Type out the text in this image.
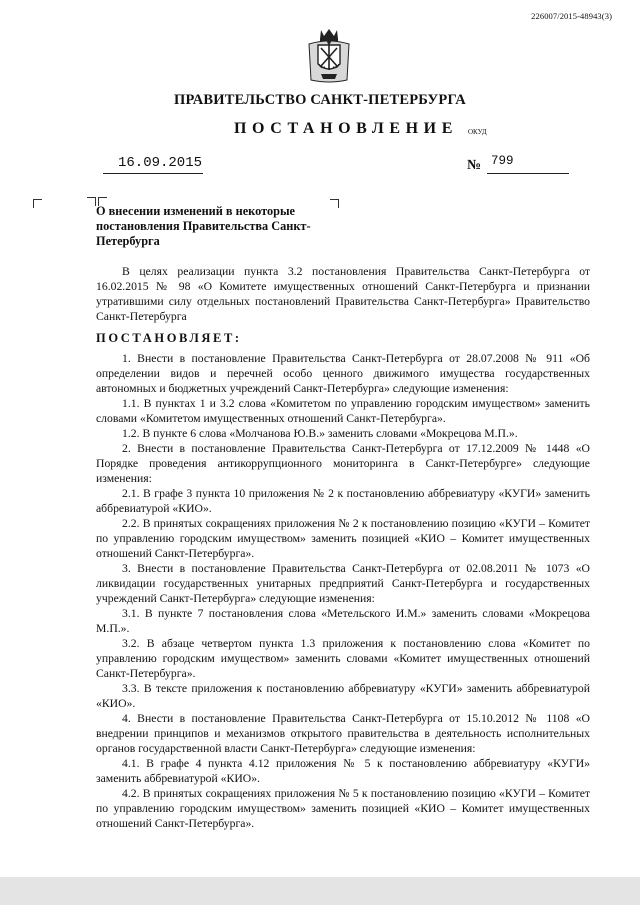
226007/2015-48943(3)
ПРАВИТЕЛЬСТВО САНКТ-ПЕТЕРБУРГА
ПОСТАНОВЛЕНИЕ ОКУД
16.09.2015	№ 799
О внесении изменений в некоторые постановления Правительства Санкт-Петербурга

В целях реализации пункта 3.2 постановления Правительства Санкт-Петербурга от 16.02.2015 № 98 «О Комитете имущественных отношений Санкт-Петербурга и признании утратившими силу отдельных постановлений Правительства Санкт-Петербурга» Правительство Санкт-Петербурга

ПОСТАНОВЛЯЕТ:

1. Внести в постановление Правительства Санкт-Петербурга от 28.07.2008 № 911 «Об определении видов и перечней особо ценного движимого имущества государственных автономных и бюджетных учреждений Санкт-Петербурга» следующие изменения:

1.1. В пунктах 1 и 3.2 слова «Комитетом по управлению городским имуществом» заменить словами «Комитетом имущественных отношений Санкт-Петербурга».

1.2. В пункте 6 слова «Молчанова Ю.В.» заменить словами «Мокрецова М.П.».

2. Внести в постановление Правительства Санкт-Петербурга от 17.12.2009 № 1448 «О Порядке проведения антикоррупционного мониторинга в Санкт-Петербурге» следующие изменения:

2.1. В графе 3 пункта 10 приложения № 2 к постановлению аббревиатуру «КУГИ» заменить аббревиатурой «КИО».

2.2. В принятых сокращениях приложения № 2 к постановлению позицию «КУГИ – Комитет по управлению городским имуществом» заменить позицией «КИО – Комитет имущественных отношений Санкт-Петербурга».

3. Внести в постановление Правительства Санкт-Петербурга от 02.08.2011 № 1073 «О ликвидации государственных унитарных предприятий Санкт-Петербурга и государственных учреждений Санкт-Петербурга» следующие изменения:

3.1. В пункте 7 постановления слова «Метельского И.М.» заменить словами «Мокрецова М.П.».

3.2. В абзаце четвертом пункта 1.3 приложения к постановлению слова «Комитет по управлению городским имуществом» заменить словами «Комитет имущественных отношений Санкт-Петербурга».

3.3. В тексте приложения к постановлению аббревиатуру «КУГИ» заменить аббревиатурой «КИО».

4. Внести в постановление Правительства Санкт-Петербурга от 15.10.2012 № 1108 «О внедрении принципов и механизмов открытого правительства в деятельность исполнительных органов государственной власти Санкт-Петербурга» следующие изменения:

4.1. В графе 4 пункта 4.12 приложения № 5 к постановлению аббревиатуру «КУГИ» заменить аббревиатурой «КИО».

4.2. В принятых сокращениях приложения № 5 к постановлению позицию «КУГИ – Комитет по управлению городским имуществом» заменить позицией «КИО – Комитет имущественных отношений Санкт-Петербурга».
